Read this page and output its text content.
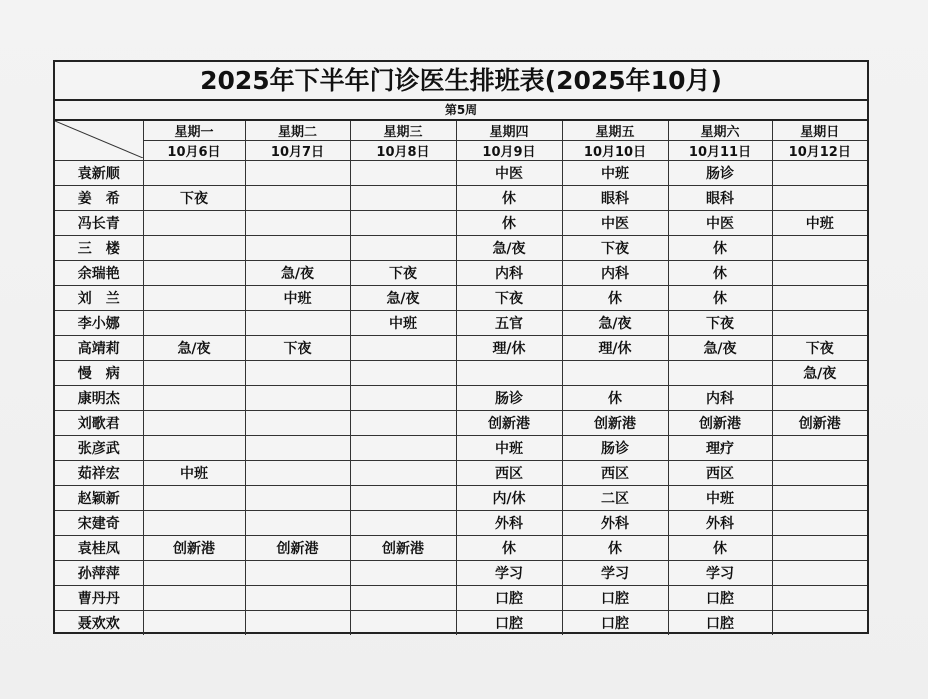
2025年下半年门诊医生排班表(2025年10月)
第5周
	星期一	星期二	星期三	星期四	星期五	星期六	星期日
	10月6日	10月7日	10月8日	10月9日	10月10日	10月11日	10月12日
袁新顺				中医	中班	肠诊	
姜　希	下夜			休	眼科	眼科	
冯长青				休	中医	中医	中班
三　楼				急/夜	下夜	休	
余瑞艳		急/夜	下夜	内科	内科	休	
刘　兰		中班	急/夜	下夜	休	休	
李小娜			中班	五官	急/夜	下夜	
高靖莉	急/夜	下夜		理/休	理/休	急/夜	下夜
慢　病							急/夜
康明杰				肠诊	休	内科	
刘歌君				创新港	创新港	创新港	创新港
张彦武				中班	肠诊	理疗	
茹祥宏	中班			西区	西区	西区	
赵颖新				内/休	二区	中班	
宋建奇				外科	外科	外科	
袁桂凤	创新港	创新港	创新港	休	休	休	
孙萍萍				学习	学习	学习	
曹丹丹				口腔	口腔	口腔	
聂欢欢				口腔	口腔	口腔	
